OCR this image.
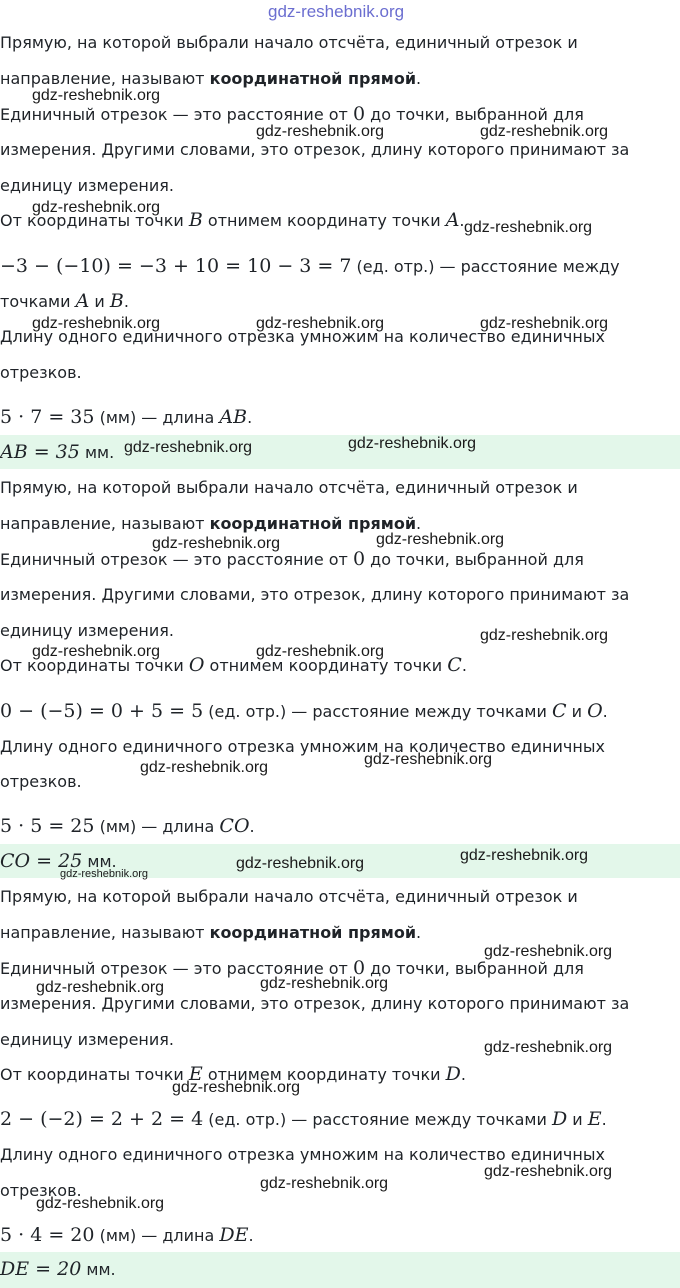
gdz-reshebnik.org
Прямую, на которой выбрали начало отсчёта, единичный отрезок и
направление, называют координатной прямой.
Единичный отрезок — это расстояние от 0 до точки, выбранной для
измерения. Другими словами, это отрезок, длину которого принимают за
единицу измерения.
От координаты точки B отнимем координату точки A.
−3 − (−10) = −3 + 10 = 10 − 3 = 7 (ед. отр.) — расстояние между
точками A и B.
Длину одного единичного отрезка умножим на количество единичных
отрезков.
5 · 7 = 35 (мм) — длина AB.
AB = 35 мм.
Прямую, на которой выбрали начало отсчёта, единичный отрезок и
направление, называют координатной прямой.
Единичный отрезок — это расстояние от 0 до точки, выбранной для
измерения. Другими словами, это отрезок, длину которого принимают за
единицу измерения.
От координаты точки O отнимем координату точки C.
0 − (−5) = 0 + 5 = 5 (ед. отр.) — расстояние между точками C и O.
Длину одного единичного отрезка умножим на количество единичных
отрезков.
5 · 5 = 25 (мм) — длина CO.
CO = 25 мм.
Прямую, на которой выбрали начало отсчёта, единичный отрезок и
направление, называют координатной прямой.
Единичный отрезок — это расстояние от 0 до точки, выбранной для
измерения. Другими словами, это отрезок, длину которого принимают за
единицу измерения.
От координаты точки E отнимем координату точки D.
2 − (−2) = 2 + 2 = 4 (ед. отр.) — расстояние между точками D и E.
Длину одного единичного отрезка умножим на количество единичных
отрезков.
5 · 4 = 20 (мм) — длина DE.
DE = 20 мм.
gdz-reshebnik.org
gdz-reshebnik.org	gdz-reshebnik.org
gdz-reshebnik.org
gdz-reshebnik.org
gdz-reshebnik.org	gdz-reshebnik.org	gdz-reshebnik.org
gdz-reshebnik.org	gdz-reshebnik.org
gdz-reshebnik.org	gdz-reshebnik.org
gdz-reshebnik.org
gdz-reshebnik.org	gdz-reshebnik.org
gdz-reshebnik.org	gdz-reshebnik.org
gdz-reshebnik.org	gdz-reshebnik.org
gdz-reshebnik.org
gdz-reshebnik.org
gdz-reshebnik.org	gdz-reshebnik.org
gdz-reshebnik.org
gdz-reshebnik.org
gdz-reshebnik.org
gdz-reshebnik.org
gdz-reshebnik.org
